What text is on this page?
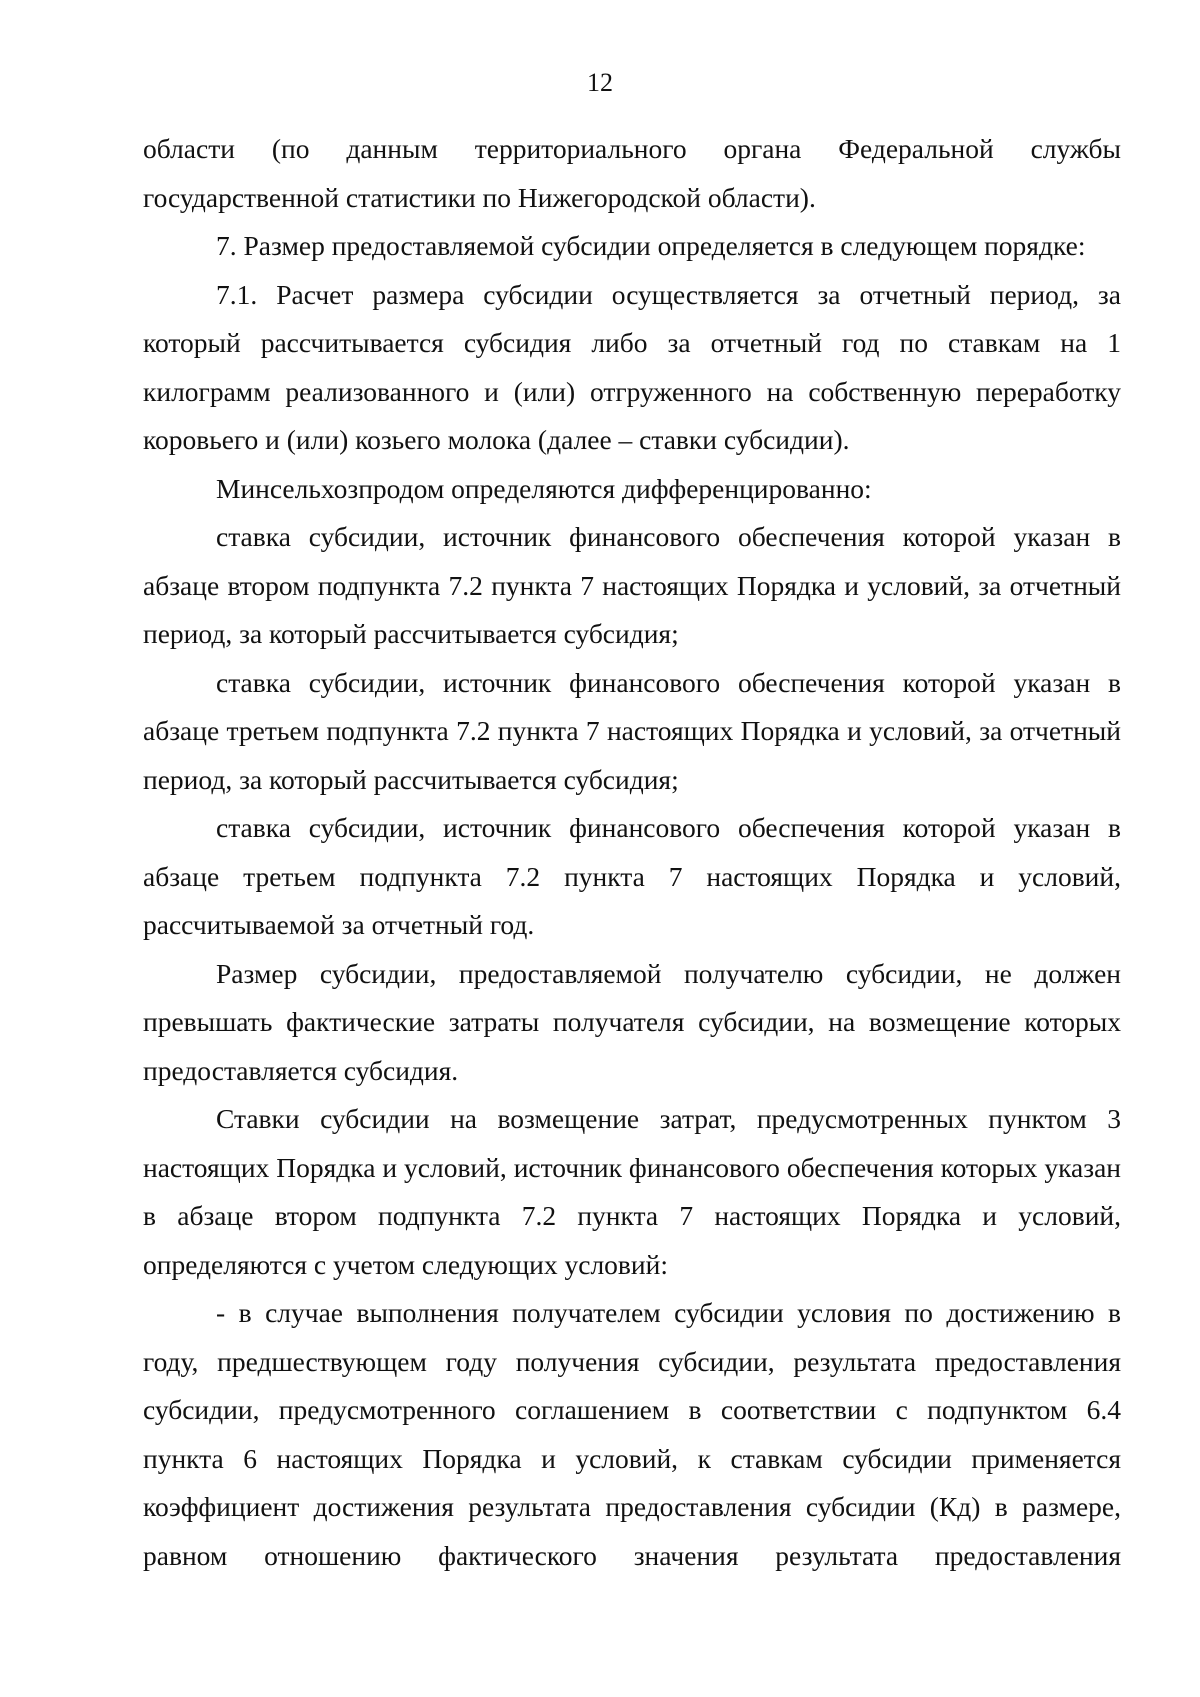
12

области (по данным территориального органа Федеральной службы государственной статистики по Нижегородской области).

7. Размер предоставляемой субсидии определяется в следующем порядке:

7.1. Расчет размера субсидии осуществляется за отчетный период, за который рассчитывается субсидия либо за отчетный год по ставкам на 1 килограмм реализованного и (или) отгруженного на собственную переработку коровьего и (или) козьего молока (далее – ставки субсидии).

Минсельхозпродом определяются дифференцированно:

ставка субсидии, источник финансового обеспечения которой указан в абзаце втором подпункта 7.2 пункта 7 настоящих Порядка и условий, за отчетный период, за который рассчитывается субсидия;

ставка субсидии, источник финансового обеспечения которой указан в абзаце третьем подпункта 7.2 пункта 7 настоящих Порядка и условий, за отчетный период, за который рассчитывается субсидия;

ставка субсидии, источник финансового обеспечения которой указан в абзаце третьем подпункта 7.2 пункта 7 настоящих Порядка и условий, рассчитываемой за отчетный год.

Размер субсидии, предоставляемой получателю субсидии, не должен превышать фактические затраты получателя субсидии, на возмещение которых предоставляется субсидия.

Ставки субсидии на возмещение затрат, предусмотренных пунктом 3 настоящих Порядка и условий, источник финансового обеспечения которых указан в абзаце втором подпункта 7.2 пункта 7 настоящих Порядка и условий, определяются с учетом следующих условий:

- в случае выполнения получателем субсидии условия по достижению в году, предшествующем году получения субсидии, результата предоставления субсидии, предусмотренного соглашением в соответствии с подпунктом 6.4 пункта 6 настоящих Порядка и условий, к ставкам субсидии применяется коэффициент достижения результата предоставления субсидии (Кд) в размере, равном отношению фактического значения результата предоставления
